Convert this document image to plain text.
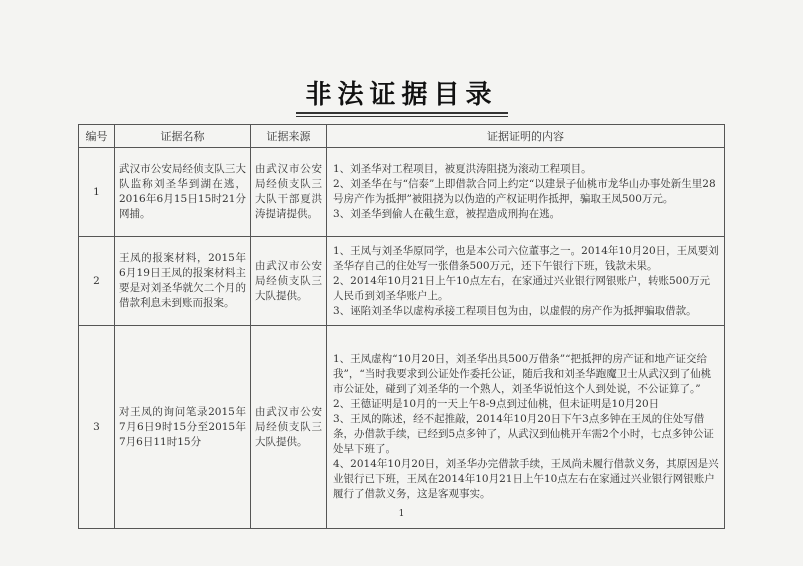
非法证据目录
编号	证据名称	证据来源	证据证明的内容
1	武汉市公安局经侦支队三大队监称刘圣华到湖在逃，2016年6月15日15时21分网捕。	由武汉市公安局经侦支队三大队干部夏洪涛提请提供。	1、刘圣华对工程项目，被夏洪涛阻挠为滚动工程项目。
2、刘圣华在与“信泰”上即借款合同上约定“以建景子仙桃市龙华山办事处新生里28号房产作为抵押”被阻挠为以伪造的产权证明作抵押，骗取王凤500万元。
3、刘圣华到偷人在截生意，被捏造成刑拘在逃。

2	王凤的报案材料，2015年6月19日王凤的报案材料主要是对刘圣华就欠二个月的借款利息未到账而报案。	由武汉市公安局经侦支队三大队提供。	1、王凤与刘圣华原同学，也是本公司六位董事之一。2014年10月20日，王凤要刘圣华存自己的住处写一张借条500万元，还下午银行下班，钱款未果。
2、2014年10月21日上午10点左右，在家通过兴业银行网银账户，转账500万元人民币到刘圣华账户上。
3、诬陷刘圣华以虚构承接工程项目包为由，以虚假的房产作为抵押骗取借款。

3	对王凤的询问笔录2015年7月6日9时15分至2015年7月6日11时15分	由武汉市公安局经侦支队三大队提供。	1、王凤虚构“10月20日，刘圣华出具500万借条”“把抵押的房产证和地产证交给我”，“当时我要求到公证处作委托公证，随后我和刘圣华跑魔卫士从武汉到了仙桃市公证处，碰到了刘圣华的一个熟人，刘圣华说怕这个人到处说，不公证算了。”
2、王德证明是10月的一天上午8-9点到过仙桃，但未证明是10月20日
3、王凤的陈述，经不起推敲，2014年10月20日下午3点多钟在王凤的住处写借条，办借款手续，已经到5点多钟了，从武汉到仙桃开车需2个小时，七点多钟公证处早下班了。
4、2014年10月20日，刘圣华办完借款手续，王凤尚未履行借款义务，其原因是兴业银行已下班，王凤在2014年10月21日上午10点左右在家通过兴业银行网银账户履行了借款义务，这是客观事实。
1
